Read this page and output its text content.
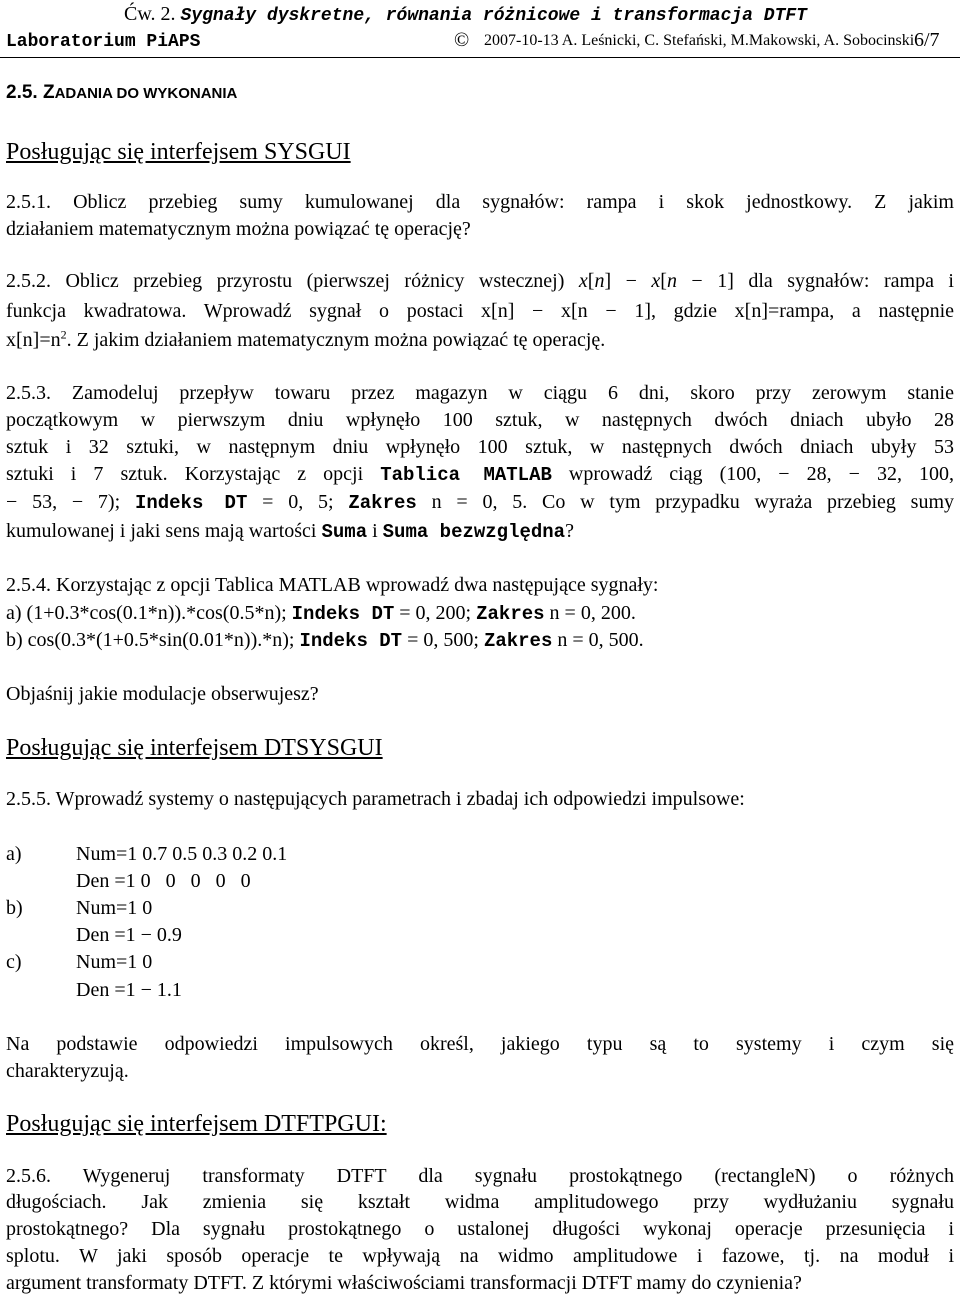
Ćw. 2. Sygnały dyskretne, równania różnicowe i transformacja DTFT
Laboratorium PiAPS	© 2007-10-13 A. Leśnicki, C. Stefański, M.Makowski, A. Sobocinski 6/7
2.5. ZADANIA DO WYKONANIA
Posługując się interfejsem SYSGUI
2.5.1. Oblicz przebieg sumy kumulowanej dla sygnałów: rampa i skok jednostkowy. Z jakim
działaniem matematycznym można powiązać tę operację?
2.5.2. Oblicz przebieg przyrostu (pierwszej różnicy wstecznej) x[n] − x[n − 1] dla sygnałów: rampa i
funkcja kwadratowa. Wprowadź sygnał o postaci x[n] − x[n − 1], gdzie x[n]=rampa, a następnie
$x[n]=n^2$. Z jakim działaniem matematycznym można powiązać tę operację.
2.5.3. Zamodeluj przepływ towaru przez magazyn w ciągu 6 dni, skoro przy zerowym stanie
początkowym w pierwszym dniu wpłynęło 100 sztuk, w następnych dwóch dniach ubyło 28
sztuk i 32 sztuki, w następnym dniu wpłynęło 100 sztuk, w następnych dwóch dniach ubyły 53
sztuki i 7 sztuk. Korzystając z opcji Tablica MATLAB wprowadź ciąg (100, − 28, − 32, 100,
− 53, − 7); Indeks DT = 0, 5; Zakres n = 0, 5. Co w tym przypadku wyraża przebieg sumy
kumulowanej i jaki sens mają wartości Suma i Suma bezwzględna?
2.5.4. Korzystając z opcji Tablica MATLAB wprowadź dwa następujące sygnały:
a) (1+0.3*cos(0.1*n)).*cos(0.5*n); Indeks DT = 0, 200; Zakres n = 0, 200.
b) cos(0.3*(1+0.5*sin(0.01*n)).*n); Indeks DT = 0, 500; Zakres n = 0, 500.
Objaśnij jakie modulacje obserwujesz?
Posługując się interfejsem DTSYSGUI
2.5.5. Wprowadź systemy o następujących parametrach i zbadaj ich odpowiedzi impulsowe:
a)	Num=1 0.7 0.5 0.3 0.2 0.1
Den =1 0   0   0   0   0
b)	Num=1 0
Den =1 − 0.9
c)	Num=1 0
Den =1 − 1.1
Na podstawie odpowiedzi impulsowych określ, jakiego typu są to systemy i czym się
charakteryzują.
Posługując się interfejsem DTFTPGUI:
2.5.6. Wygeneruj transformaty DTFT dla sygnału prostokątnego (rectangleN) o różnych
długościach. Jak zmienia się kształt widma amplitudowego przy wydłużaniu sygnału
prostokątnego? Dla sygnału prostokątnego o ustalonej długości wykonaj operacje przesunięcia i
splotu. W jaki sposób operacje te wpływają na widmo amplitudowe i fazowe, tj. na moduł i
argument transformaty DTFT. Z którymi właściwościami transformacji DTFT mamy do czynienia?
